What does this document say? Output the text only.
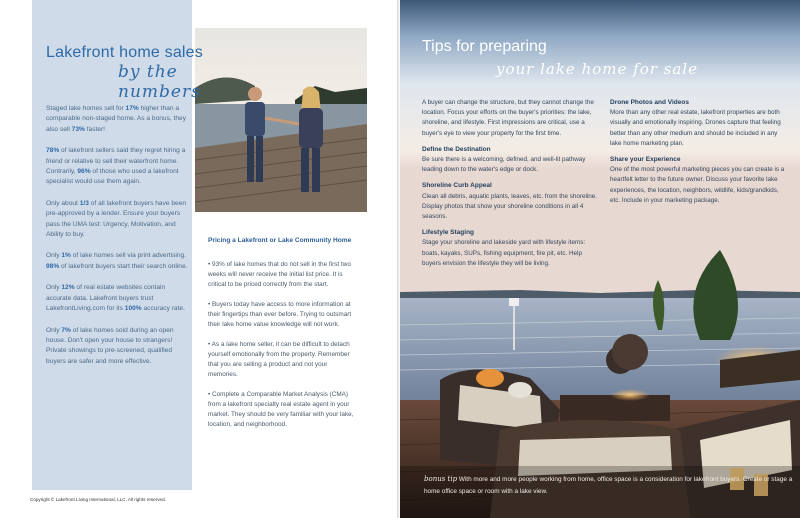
Lakefront home sales
by the numbers
Staged lake homes sell for 17% higher than a comparable non-staged home. As a bonus, they also sell 73% faster!
78% of lakefront sellers said they regret hiring a friend or relative to sell their waterfront home. Contrarily, 96% of those who used a lakefront specialist would use them again.
Only about 1/3 of all lakefront buyers have been pre-approved by a lender. Ensure your buyers pass the UMA test: Urgency, Motivation, and Ability to buy.
Only 1% of lake homes sell via print advertising. 98% of lakefront buyers start their search online.
Only 12% of real estate websites contain accurate data. Lakefront buyers trust LakefrontLiving.com for its 100% accuracy rate.
Only 7% of lake homes sold during an open house. Don't open your house to strangers! Private showings to pre-screened, qualified buyers are safer and more effective.
Pricing a Lakefront or Lake Community Home
• 93% of lake homes that do not sell in the first two weeks will never receive the initial list price. It is critical to be priced correctly from the start.
• Buyers today have access to more information at their fingertips than ever before. Trying to outsmart their lake home value knowledge will not work.
• As a lake home seller, it can be difficult to detach yourself emotionally from the property. Remember that you are selling a product and not your memories.
• Complete a Comparable Market Analysis (CMA) from a lakefront specialty real estate agent in your market. They should be very familiar with your lake, location, and neighborhood.
Copyright © Lakefront Living International, LLC. All rights reserved.
Tips for preparing
your lake home for sale

A buyer can change the structure, but they cannot change the location. Focus your efforts on the buyer's priorities: the lake, shoreline, and lifestyle. First impressions are critical, use a buyer's eye to view your property for the first time.

Define the Destination

Be sure there is a welcoming, defined, and well-lit pathway leading down to the water's edge or dock.

Shoreline Curb Appeal

Clean all debris, aquatic plants, leaves, etc. from the shoreline. Display photos that show your shoreline conditions in all 4 seasons.

Lifestyle Staging

Stage your shoreline and lakeside yard with lifestyle items: boats, kayaks, SUPs, fishing equipment, fire pit, etc. Help buyers envision the lifestyle they will be living.

Drone Photos and Videos

More than any other real estate, lakefront properties are both visually and emotionally inspiring. Drones capture that feeling better than any other medium and should be included in any lake home marketing plan.

Share your Experience

One of the most powerful marketing pieces you can create is a heartfelt letter to the future owner. Discuss your favorite lake experiences, the location, neighbors, wildlife, kids/grandkids, etc. Include in your marketing package.

bonus tip With more and more people working from home, office space is a consideration for lakefront buyers. Create or stage a home office space or room with a lake view.
